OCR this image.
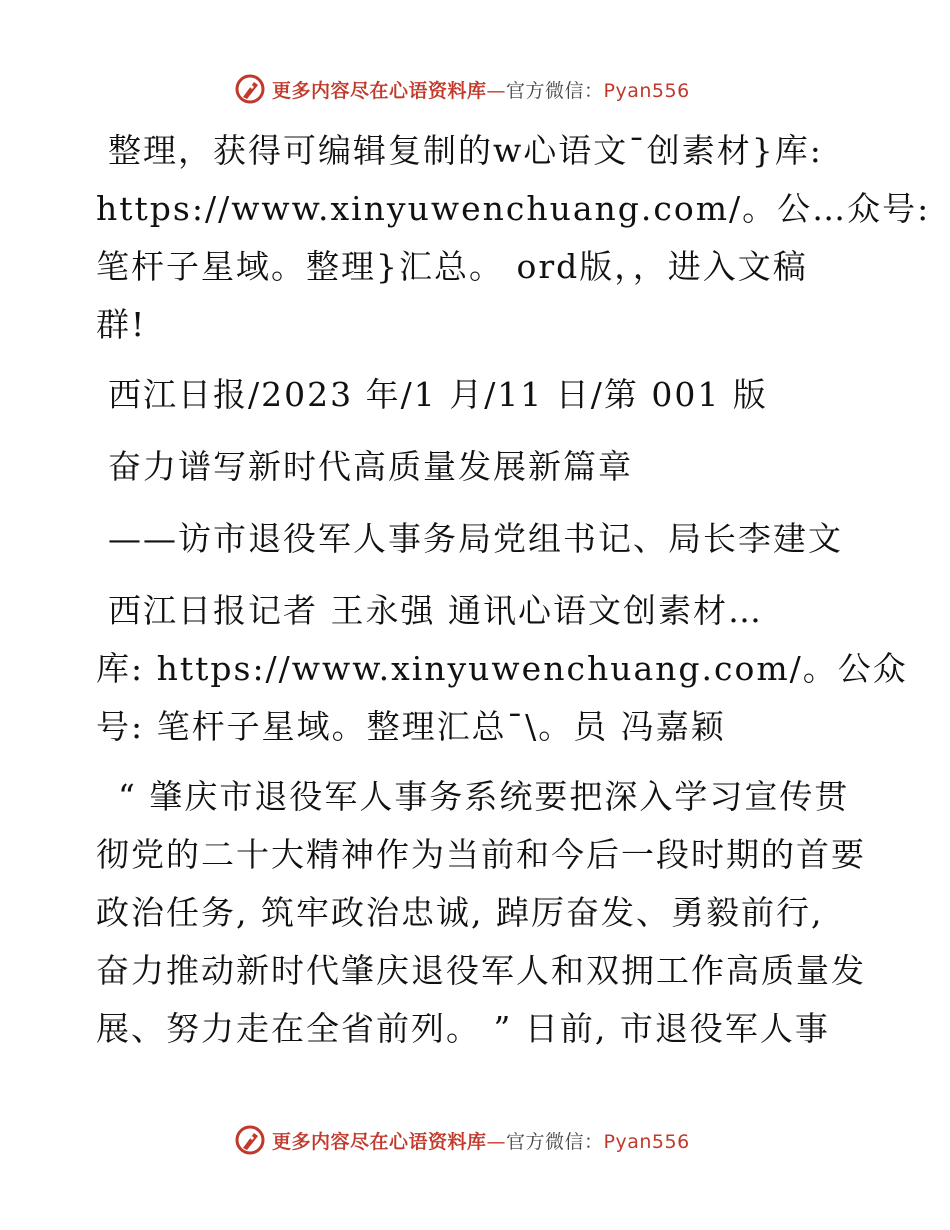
更多内容尽在心语资料库—官方微信：Pyan556
整理，获得可编辑复制的w心语文¯创素材}库:
https://www.xinyuwenchuang.com/。公…众号:
笔杆子星域。整理}汇总。 ord版，，进入文稿
群!
西江日报/2023 年/1 月/11 日/第 001 版
奋力谱写新时代高质量发展新篇章
——访市退役军人事务局党组书记、局长李建文
西江日报记者 王永强 通讯心语文创素材…
库: https://www.xinyuwenchuang.com/。公众
号: 笔杆子星域。整理汇总¯\。员 冯嘉颖
“ 肇庆市退役军人事务系统要把深入学习宣传贯
彻党的二十大精神作为当前和今后一段时期的首要
政治任务, 筑牢政治忠诚, 踔厉奋发、勇毅前行,
奋力推动新时代肇庆退役军人和双拥工作高质量发
展、努力走在全省前列。 ” 日前, 市退役军人事
更多内容尽在心语资料库—官方微信：Pyan556
